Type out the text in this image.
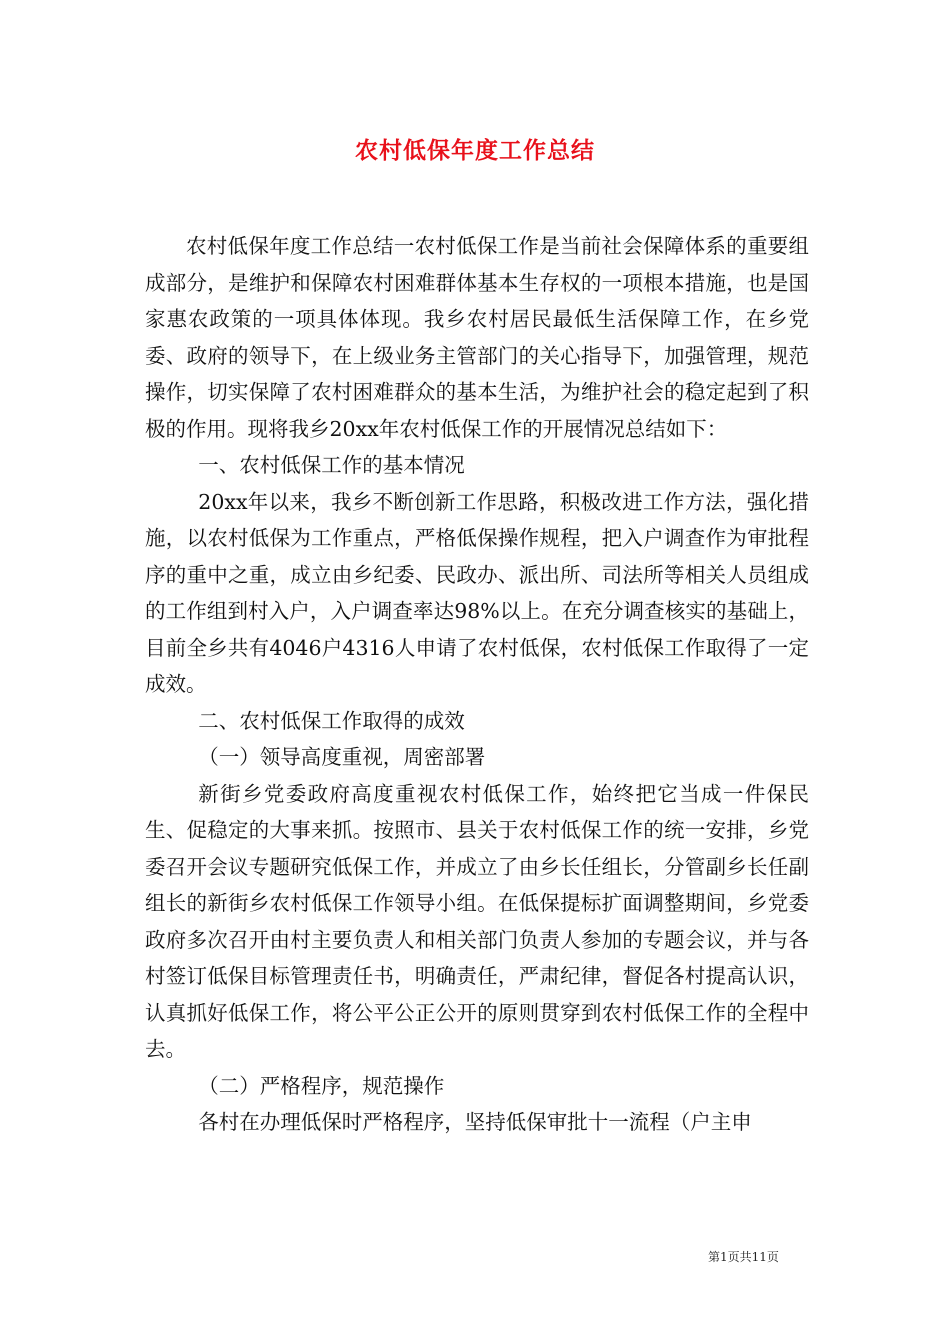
农村低保年度工作总结

农村低保年度工作总结一农村低保工作是当前社会保障体系的重要组成部分，是维护和保障农村困难群体基本生存权的一项根本措施，也是国家惠农政策的一项具体体现。我乡农村居民最低生活保障工作，在乡党委、政府的领导下，在上级业务主管部门的关心指导下，加强管理，规范操作，切实保障了农村困难群众的基本生活，为维护社会的稳定起到了积极的作用。现将我乡20xx年农村低保工作的开展情况总结如下：

一、农村低保工作的基本情况

20xx年以来，我乡不断创新工作思路，积极改进工作方法，强化措施，以农村低保为工作重点，严格低保操作规程，把入户调查作为审批程序的重中之重，成立由乡纪委、民政办、派出所、司法所等相关人员组成的工作组到村入户，入户调查率达98%以上。在充分调查核实的基础上，目前全乡共有4046户4316人申请了农村低保，农村低保工作取得了一定成效。

二、农村低保工作取得的成效

（一）领导高度重视，周密部署

新街乡党委政府高度重视农村低保工作，始终把它当成一件保民生、促稳定的大事来抓。按照市、县关于农村低保工作的统一安排，乡党委召开会议专题研究低保工作，并成立了由乡长任组长，分管副乡长任副组长的新街乡农村低保工作领导小组。在低保提标扩面调整期间，乡党委政府多次召开由村主要负责人和相关部门负责人参加的专题会议，并与各村签订低保目标管理责任书，明确责任，严肃纪律，督促各村提高认识，认真抓好低保工作，将公平公正公开的原则贯穿到农村低保工作的全程中去。

（二）严格程序，规范操作

各村在办理低保时严格程序，坚持低保审批十一流程（户主申

第1页共11页
